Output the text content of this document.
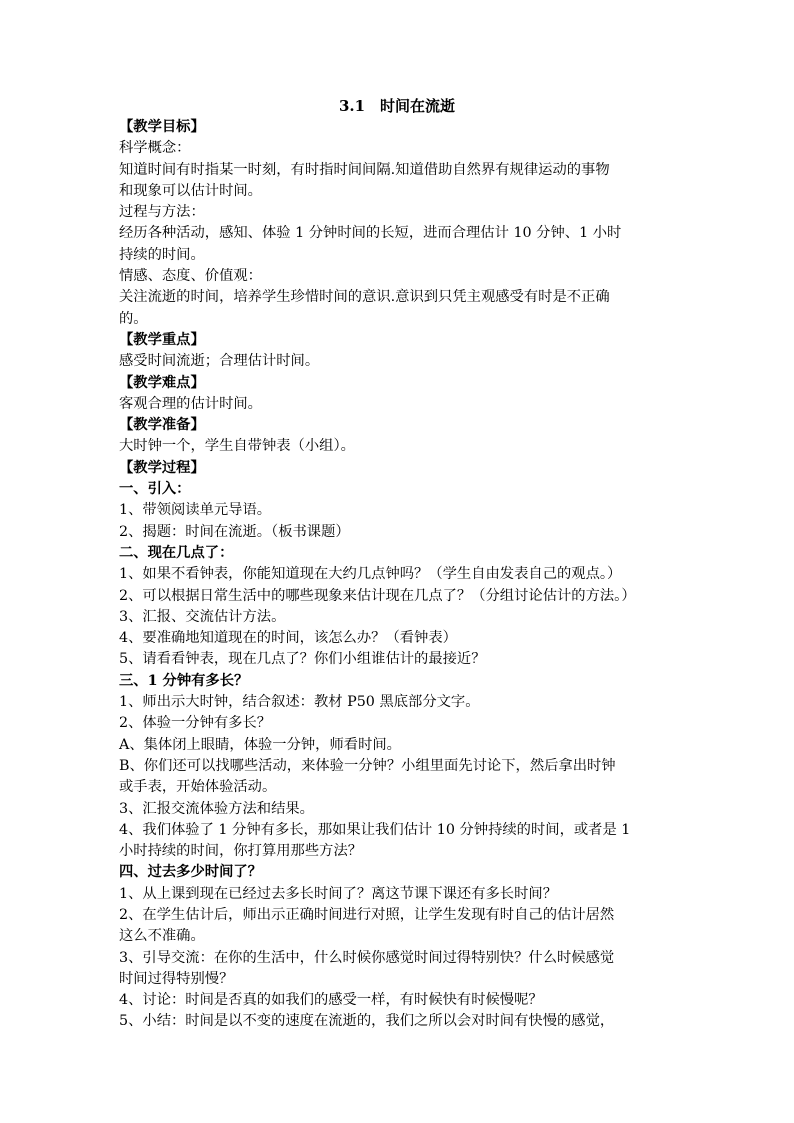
3.1　时间在流逝
【教学目标】
科学概念：
知道时间有时指某一时刻，有时指时间间隔.知道借助自然界有规律运动的事物
和现象可以估计时间。
过程与方法：
经历各种活动，感知、体验 1 分钟时间的长短，进而合理估计 10 分钟、1 小时
持续的时间。
情感、态度、价值观：
关注流逝的时间，培养学生珍惜时间的意识.意识到只凭主观感受有时是不正确
的。
【教学重点】
感受时间流逝；合理估计时间。
【教学难点】
客观合理的估计时间。
【教学准备】
大时钟一个，学生自带钟表（小组）。
【教学过程】
一、引入：
1、带领阅读单元导语。
2、揭题：时间在流逝。（板书课题）
二、现在几点了：
1、如果不看钟表，你能知道现在大约几点钟吗？（学生自由发表自己的观点。）
2、可以根据日常生活中的哪些现象来估计现在几点了？（分组讨论估计的方法。）
3、汇报、交流估计方法。
4、要准确地知道现在的时间，该怎么办？（看钟表）
5、请看看钟表，现在几点了？你们小组谁估计的最接近？
三、1 分钟有多长？
1、师出示大时钟，结合叙述：教材 P50 黑底部分文字。
2、体验一分钟有多长？
A、集体闭上眼睛，体验一分钟，师看时间。
B、你们还可以找哪些活动，来体验一分钟？小组里面先讨论下，然后拿出时钟
或手表，开始体验活动。
3、汇报交流体验方法和结果。
4、我们体验了 1 分钟有多长，那如果让我们估计 10 分钟持续的时间，或者是 1
小时持续的时间，你打算用那些方法？
四、过去多少时间了？
1、从上课到现在已经过去多长时间了？离这节课下课还有多长时间？
2、在学生估计后，师出示正确时间进行对照，让学生发现有时自己的估计居然
这么不准确。
3、引导交流：在你的生活中，什么时候你感觉时间过得特别快？什么时候感觉
时间过得特别慢？
4、讨论：时间是否真的如我们的感受一样，有时候快有时候慢呢？
5、小结：时间是以不变的速度在流逝的，我们之所以会对时间有快慢的感觉，
